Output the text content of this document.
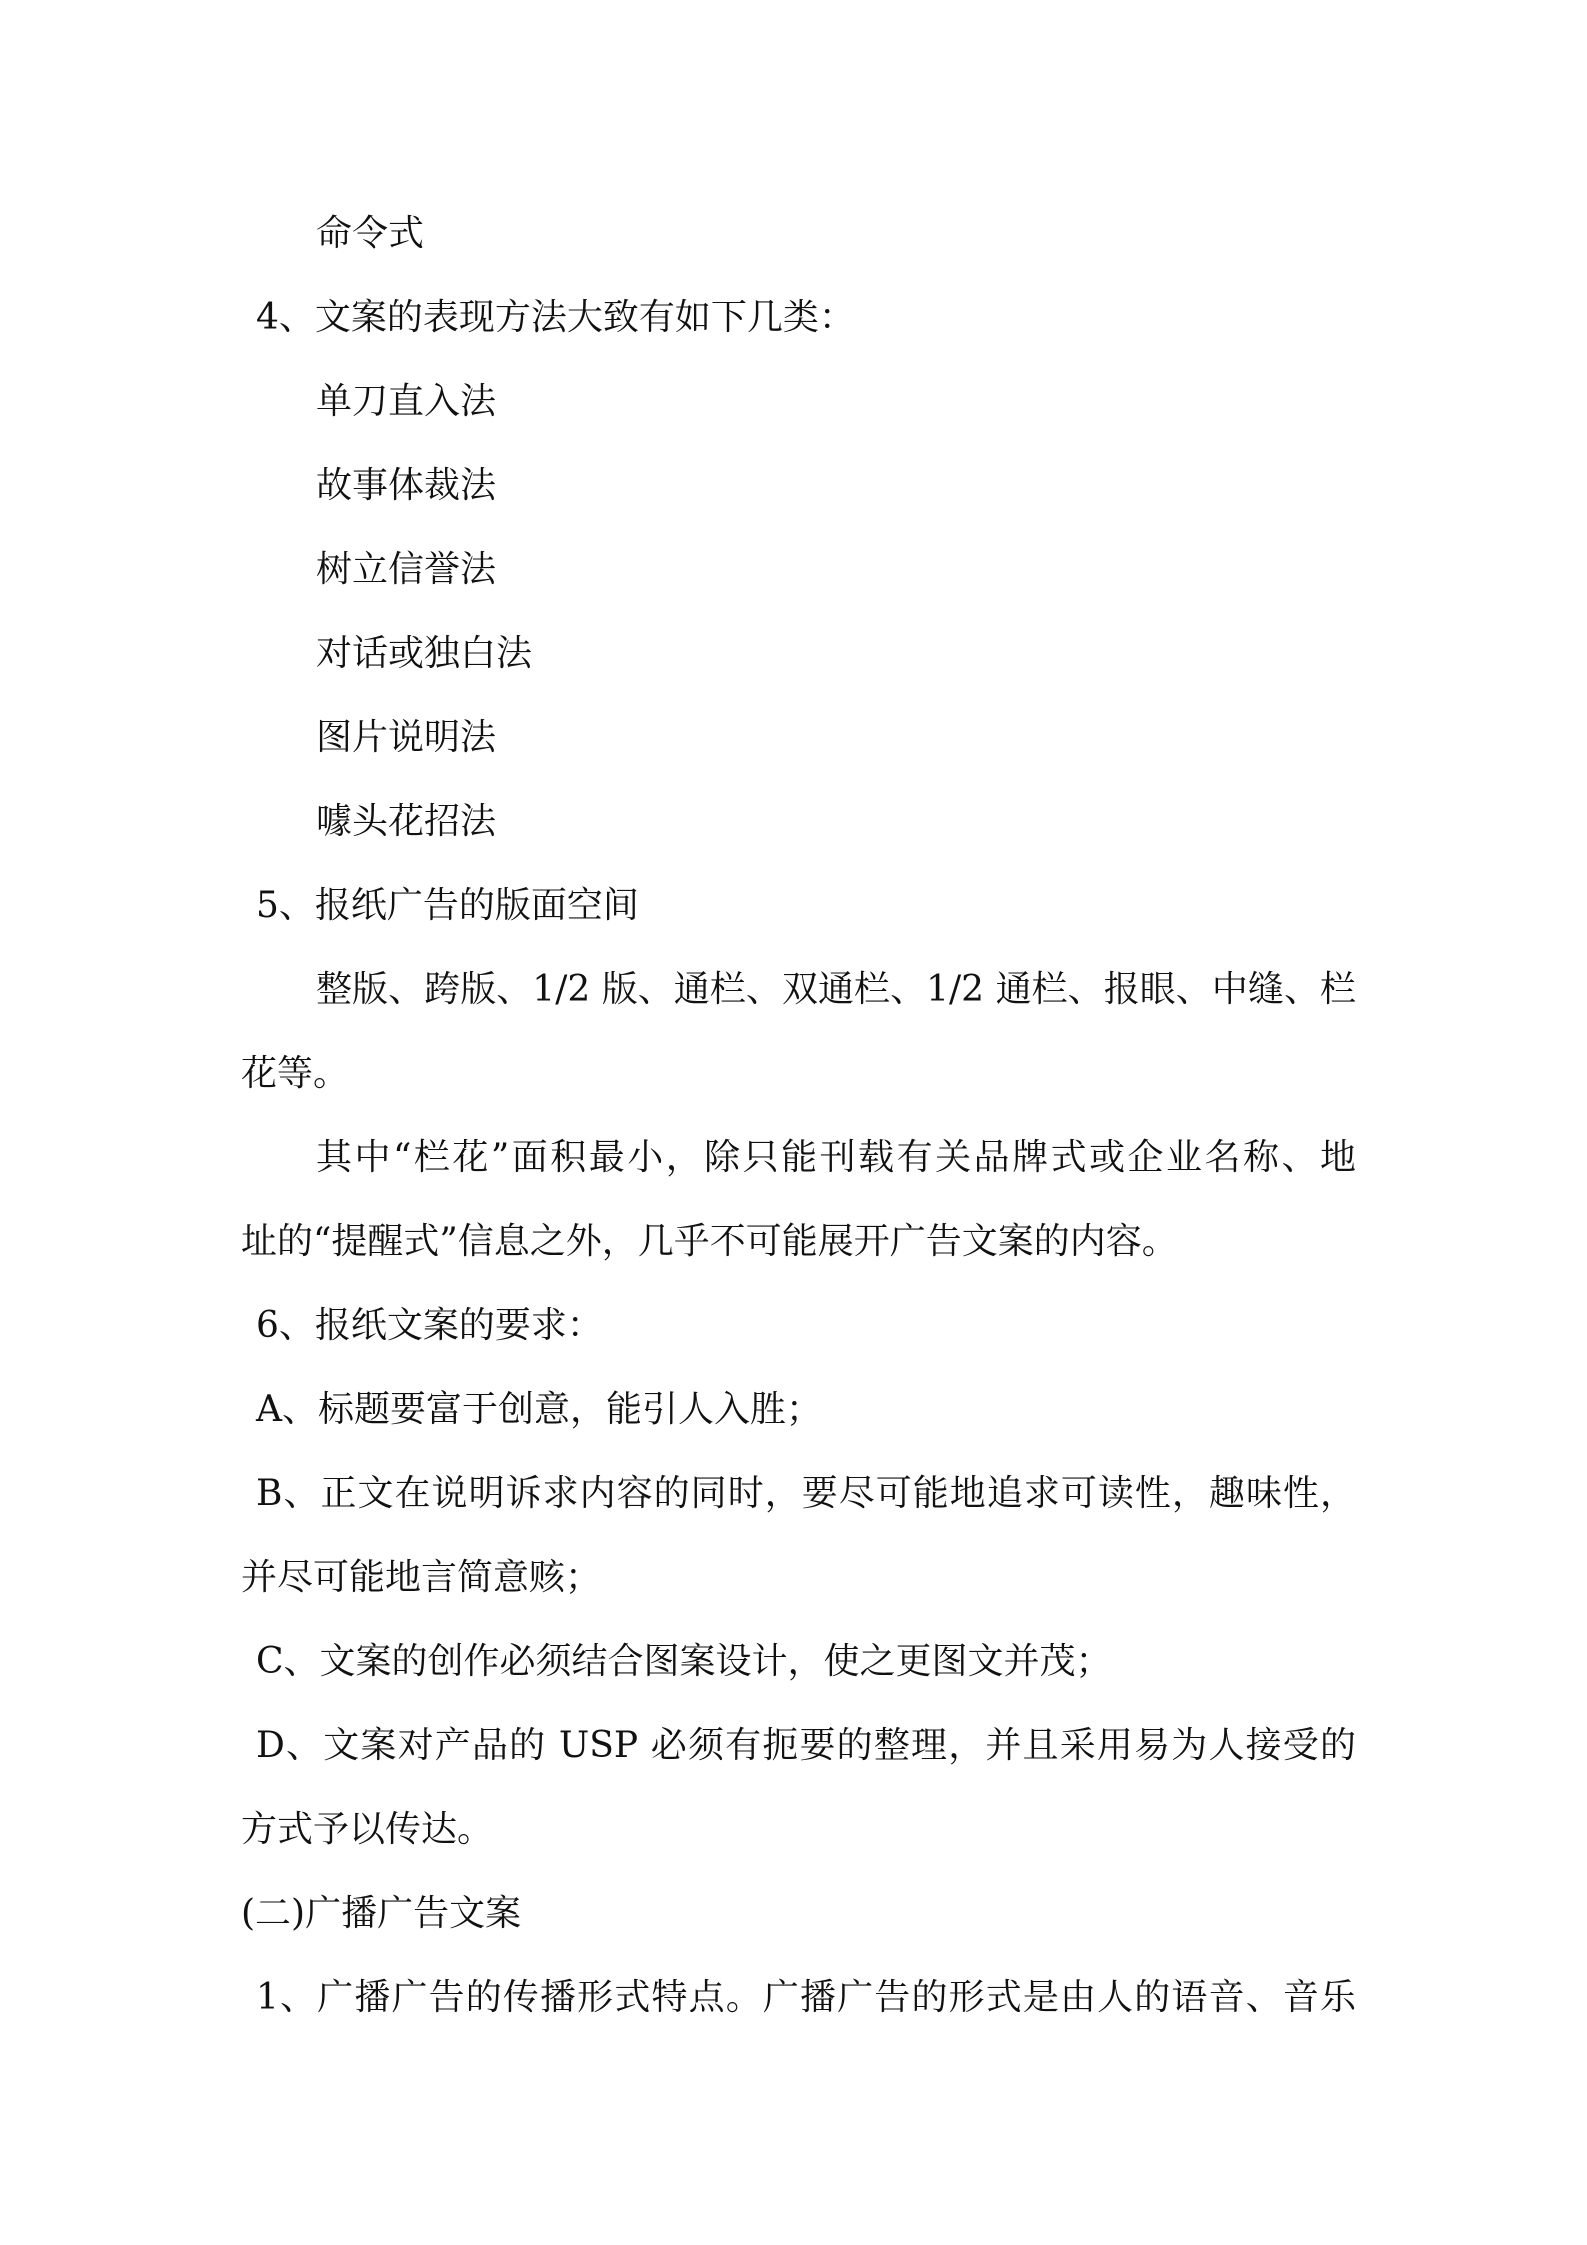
命令式
4、文案的表现方法大致有如下几类：
单刀直入法
故事体裁法
树立信誉法
对话或独白法
图片说明法
噱头花招法
5、报纸广告的版面空间
整版、跨版、1/2 版、通栏、双通栏、1/2 通栏、报眼、中缝、栏
花等。
其中“栏花”面积最小，除只能刊载有关品牌式或企业名称、地
址的“提醒式”信息之外，几乎不可能展开广告文案的内容。
6、报纸文案的要求：
A、标题要富于创意，能引人入胜；
B、正文在说明诉求内容的同时，要尽可能地追求可读性，趣味性，
并尽可能地言简意赅；
C、文案的创作必须结合图案设计，使之更图文并茂；
D、文案对产品的 USP 必须有扼要的整理，并且采用易为人接受的
方式予以传达。
(二)广播广告文案
1、广播广告的传播形式特点。广播广告的形式是由人的语音、音乐
